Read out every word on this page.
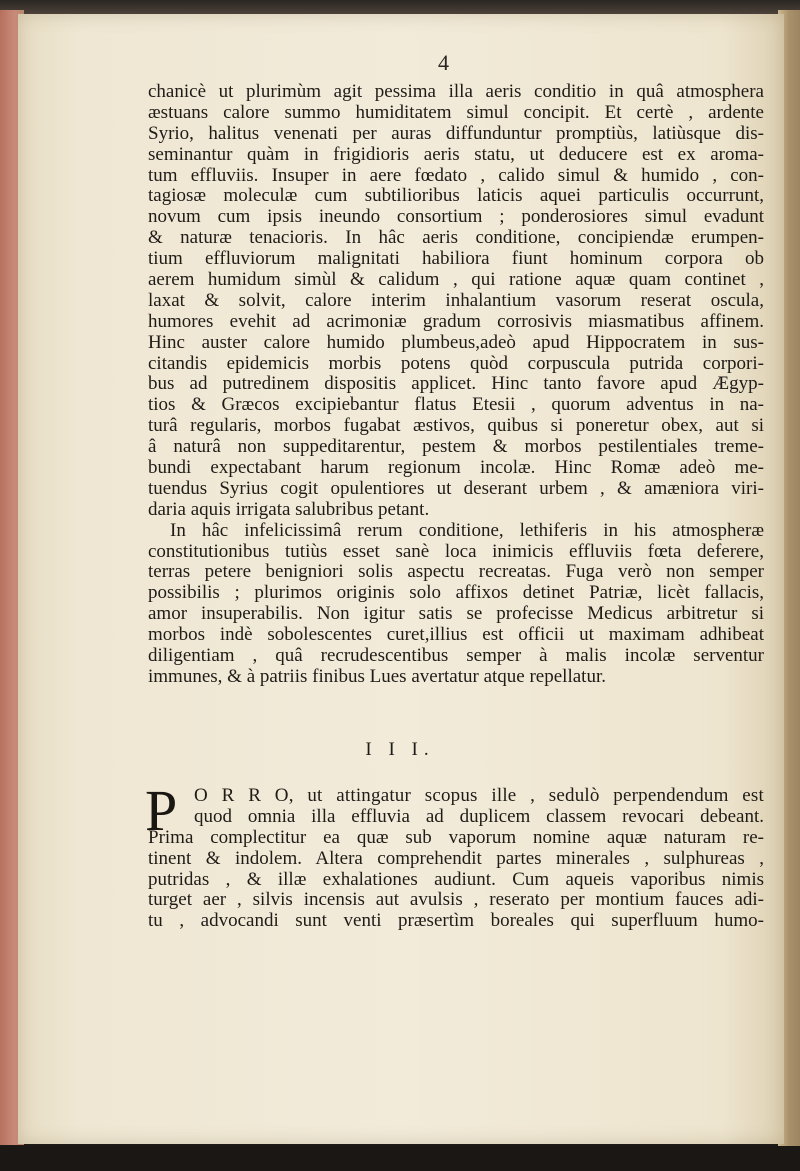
4
chanicè ut plurimùm agit pessima illa aeris conditio in quâ atmosphera
æstuans calore summo humiditatem simul concipit. Et certè , ardente
Syrio, halitus venenati per auras diffunduntur promptiùs, latiùsque dis-
seminantur quàm in frigidioris aeris statu, ut deducere est ex aroma-
tum effluviis. Insuper in aere fœdato , calido simul & humido , con-
tagiosæ moleculæ cum subtilioribus laticis aquei particulis occurrunt,
novum cum ipsis ineundo consortium ; ponderosiores simul evadunt
& naturæ tenacioris. In hâc aeris conditione, concipiendæ erumpen-
tium effluviorum malignitati habiliora fiunt hominum corpora ob
aerem humidum simùl & calidum , qui ratione aquæ quam continet ,
laxat & solvit, calore interim inhalantium vasorum reserat oscula,
humores evehit ad acrimoniæ gradum corrosivis miasmatibus affinem.
Hinc auster calore humido plumbeus,adeò apud Hippocratem in sus-
citandis epidemicis morbis potens quòd corpuscula putrida corpori-
bus ad putredinem dispositis applicet. Hinc tanto favore apud Ægyp-
tios & Græcos excipiebantur flatus Etesii , quorum adventus in na-
turâ regularis, morbos fugabat æstivos, quibus si poneretur obex, aut si
â naturâ non suppeditarentur, pestem & morbos pestilentiales treme-
bundi expectabant harum regionum incolæ. Hinc Romæ adeò me-
tuendus Syrius cogit opulentiores ut deserant urbem , & amæniora viri-
daria aquis irrigata salubribus petant.
In hâc infelicissimâ rerum conditione, lethiferis in his atmospheræ
constitutionibus tutiùs esset sanè loca inimicis effluviis fœta deferere,
terras petere benigniori solis aspectu recreatas. Fuga verò non semper
possibilis ; plurimos originis solo affixos detinet Patriæ, licèt fallacis,
amor insuperabilis. Non igitur satis se profecisse Medicus arbitretur si
morbos indè sobolescentes curet,illius est officii ut maximam adhibeat
diligentiam , quâ recrudescentibus semper à malis incolæ serventur
immunes, & à patriis finibus Lues avertatur atque repellatur.
I I I.
P O R R O, ut attingatur scopus ille , sedulò perpendendum est
quod omnia illa effluvia ad duplicem classem revocari debeant.
Prima complectitur ea quæ sub vaporum nomine aquæ naturam re-
tinent & indolem. Altera comprehendit partes minerales , sulphureas ,
putridas , & illæ exhalationes audiunt. Cum aqueis vaporibus nimis
turget aer , silvis incensis aut avulsis , reserato per montium fauces adi-
tu , advocandi sunt venti præsertìm boreales qui superfluum humo-
